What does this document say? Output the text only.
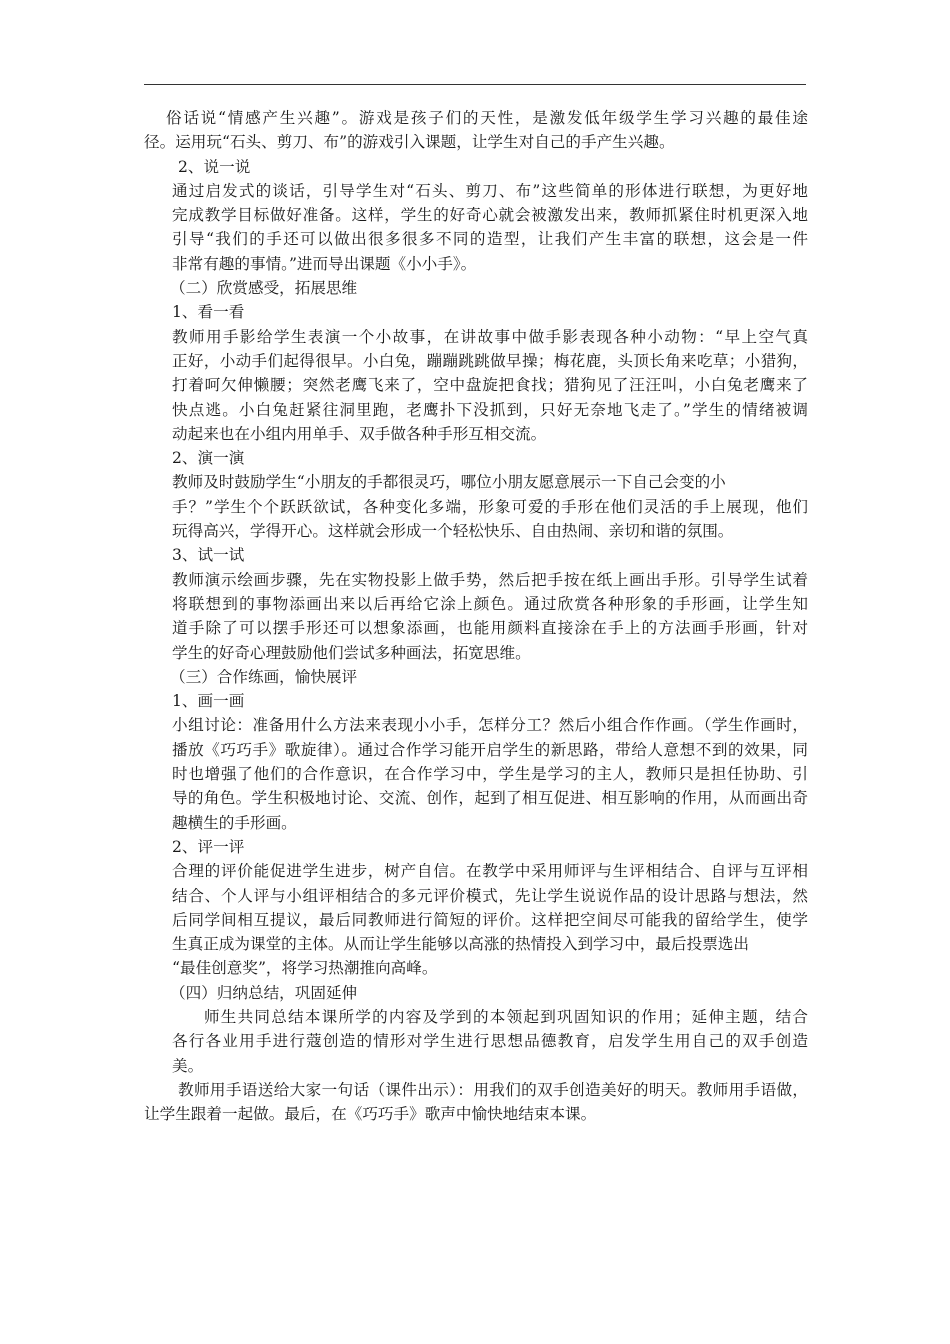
俗话说“情感产生兴趣”。游戏是孩子们的天性，是激发低年级学生学习兴趣的最佳途
径。运用玩“石头、剪刀、布”的游戏引入课题，让学生对自己的手产生兴趣。
2、说一说
通过启发式的谈话，引导学生对“石头、剪刀、布”这些简单的形体进行联想，为更好地
完成教学目标做好准备。这样，学生的好奇心就会被激发出来，教师抓紧住时机更深入地
引导“我们的手还可以做出很多很多不同的造型，让我们产生丰富的联想，这会是一件
非常有趣的事情。”进而导出课题《小小手》。
（二）欣赏感受，拓展思维
1、看一看
教师用手影给学生表演一个小故事，在讲故事中做手影表现各种小动物：“早上空气真
正好，小动手们起得很早。小白兔，蹦蹦跳跳做早操；梅花鹿，头顶长角来吃草；小猎狗，
打着呵欠伸懒腰；突然老鹰飞来了，空中盘旋把食找；猎狗见了汪汪叫，小白兔老鹰来了
快点逃。小白兔赶紧往洞里跑，老鹰扑下没抓到，只好无奈地飞走了。”学生的情绪被调
动起来也在小组内用单手、双手做各种手形互相交流。
2、演一演
教师及时鼓励学生“小朋友的手都很灵巧，哪位小朋友愿意展示一下自己会变的小
手？”学生个个跃跃欲试，各种变化多端，形象可爱的手形在他们灵活的手上展现，他们
玩得高兴，学得开心。这样就会形成一个轻松快乐、自由热闹、亲切和谐的氛围。
3、试一试
教师演示绘画步骤，先在实物投影上做手势，然后把手按在纸上画出手形。引导学生试着
将联想到的事物添画出来以后再给它涂上颜色。通过欣赏各种形象的手形画，让学生知
道手除了可以摆手形还可以想象添画，也能用颜料直接涂在手上的方法画手形画，针对
学生的好奇心理鼓励他们尝试多种画法，拓宽思维。
（三）合作练画，愉快展评
1、画一画
小组讨论：准备用什么方法来表现小小手，怎样分工？然后小组合作作画。（学生作画时，
播放《巧巧手》歌旋律）。通过合作学习能开启学生的新思路，带给人意想不到的效果，同
时也增强了他们的合作意识，在合作学习中，学生是学习的主人，教师只是担任协助、引
导的角色。学生积极地讨论、交流、创作，起到了相互促进、相互影响的作用，从而画出奇
趣横生的手形画。
2、评一评
合理的评价能促进学生进步，树产自信。在教学中采用师评与生评相结合、自评与互评相
结合、个人评与小组评相结合的多元评价模式，先让学生说说作品的设计思路与想法，然
后同学间相互提议，最后同教师进行简短的评价。这样把空间尽可能我的留给学生，使学
生真正成为课堂的主体。从而让学生能够以高涨的热情投入到学习中，最后投票选出
“最佳创意奖”，将学习热潮推向高峰。
（四）归纳总结，巩固延伸
师生共同总结本课所学的内容及学到的本领起到巩固知识的作用；延伸主题，结合
各行各业用手进行蔻创造的情形对学生进行思想品德教育，启发学生用自己的双手创造
美。
教师用手语送给大家一句话（课件出示）：用我们的双手创造美好的明天。教师用手语做，
让学生跟着一起做。最后，在《巧巧手》歌声中愉快地结束本课。
